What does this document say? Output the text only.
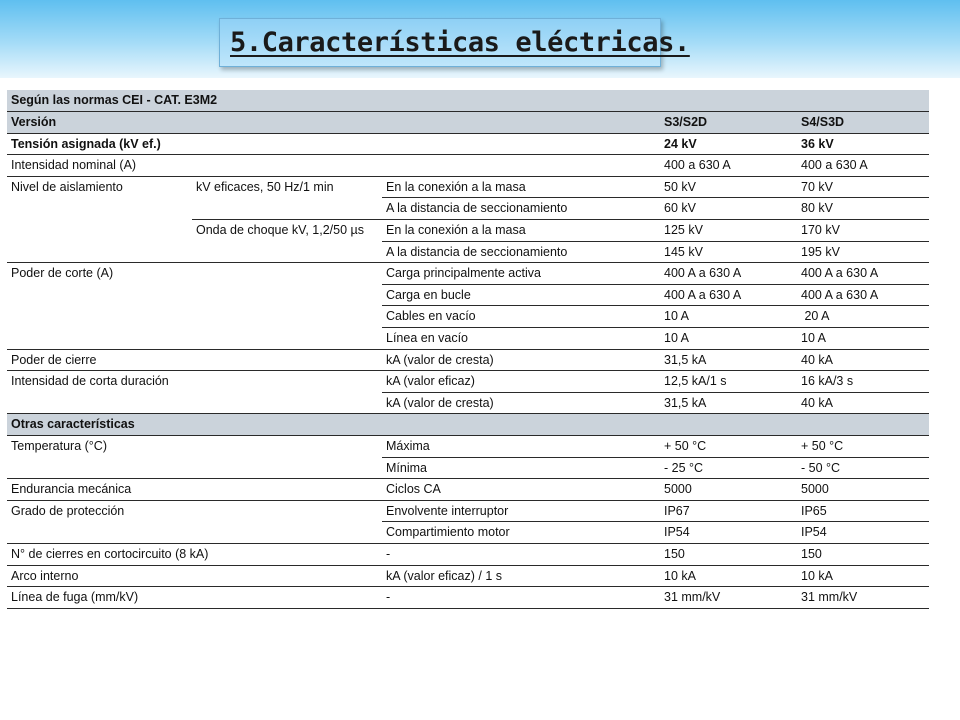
5.Características eléctricas.
Según las normas CEI - CAT. E3M2				
Versión			S3/S2D	S4/S3D
Tensión asignada (kV ef.)			24 kV	36 kV
Intensidad nominal (A)			400 a 630 A	400 a 630 A
Nivel de aislamiento	kV eficaces, 50 Hz/1 min	En la conexión a la masa	50 kV	70 kV
		A la distancia de seccionamiento	60 kV	80 kV
	Onda de choque kV, 1,2/50 µs	En la conexión a la masa	125 kV	170 kV
		A la distancia de seccionamiento	145 kV	195 kV
Poder de corte (A)		Carga principalmente activa	400 A a 630 A	400 A a 630 A
		Carga en bucle	400 A a 630 A	400 A a 630 A
		Cables en vacío	10 A	20 A
		Línea en vacío	10 A	10 A
Poder de cierre		kA (valor de cresta)	31,5 kA	40 kA
Intensidad de corta duración		kA (valor eficaz)	12,5 kA/1 s	16 kA/3 s
		kA (valor de cresta)	31,5 kA	40 kA
Otras características				
Temperatura (°C)		Máxima	+ 50 °C	+ 50 °C
		Mínima	- 25 °C	- 50 °C
Endurancia mecánica		Ciclos CA	5000	5000
Grado de protección		Envolvente interruptor	IP67	IP65
		Compartimiento motor	IP54	IP54
N° de cierres en cortocircuito (8 kA)		-	150	150
Arco interno		kA (valor eficaz) / 1 s	10 kA	10 kA
Línea de fuga (mm/kV)		-	31 mm/kV	31 mm/kV
